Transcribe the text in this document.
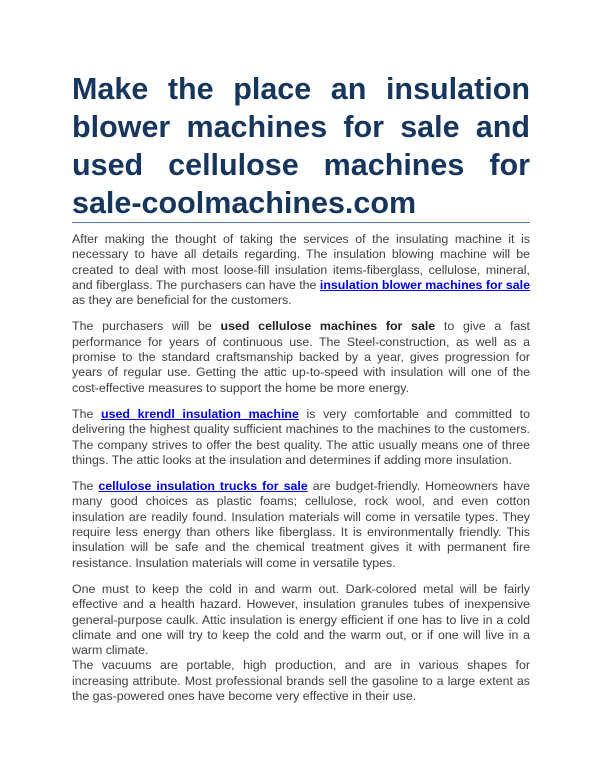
Make the place an insulation blower machines for sale and used cellulose machines for sale-coolmachines.com

After making the thought of taking the services of the insulating machine it is necessary to have all details regarding. The insulation blowing machine will be created to deal with most loose-fill insulation items-fiberglass, cellulose, mineral, and fiberglass. The purchasers can have the insulation blower machines for sale as they are beneficial for the customers.

The purchasers will be used cellulose machines for sale to give a fast performance for years of continuous use. The Steel-construction, as well as a promise to the standard craftsmanship backed by a year, gives progression for years of regular use. Getting the attic up-to-speed with insulation will one of the cost-effective measures to support the home be more energy.

The used krendl insulation machine is very comfortable and committed to delivering the highest quality sufficient machines to the machines to the customers. The company strives to offer the best quality. The attic usually means one of three things. The attic looks at the insulation and determines if adding more insulation.

The cellulose insulation trucks for sale are budget-friendly. Homeowners have many good choices as plastic foams; cellulose, rock wool, and even cotton insulation are readily found. Insulation materials will come in versatile types. They require less energy than others like fiberglass. It is environmentally friendly. This insulation will be safe and the chemical treatment gives it with permanent fire resistance. Insulation materials will come in versatile types.

One must to keep the cold in and warm out. Dark-colored metal will be fairly effective and a health hazard. However, insulation granules tubes of inexpensive general-purpose caulk. Attic insulation is energy efficient if one has to live in a cold climate and one will try to keep the cold and the warm out, or if one will live in a warm climate.

The vacuums are portable, high production, and are in various shapes for increasing attribute. Most professional brands sell the gasoline to a large extent as the gas-powered ones have become very effective in their use.
